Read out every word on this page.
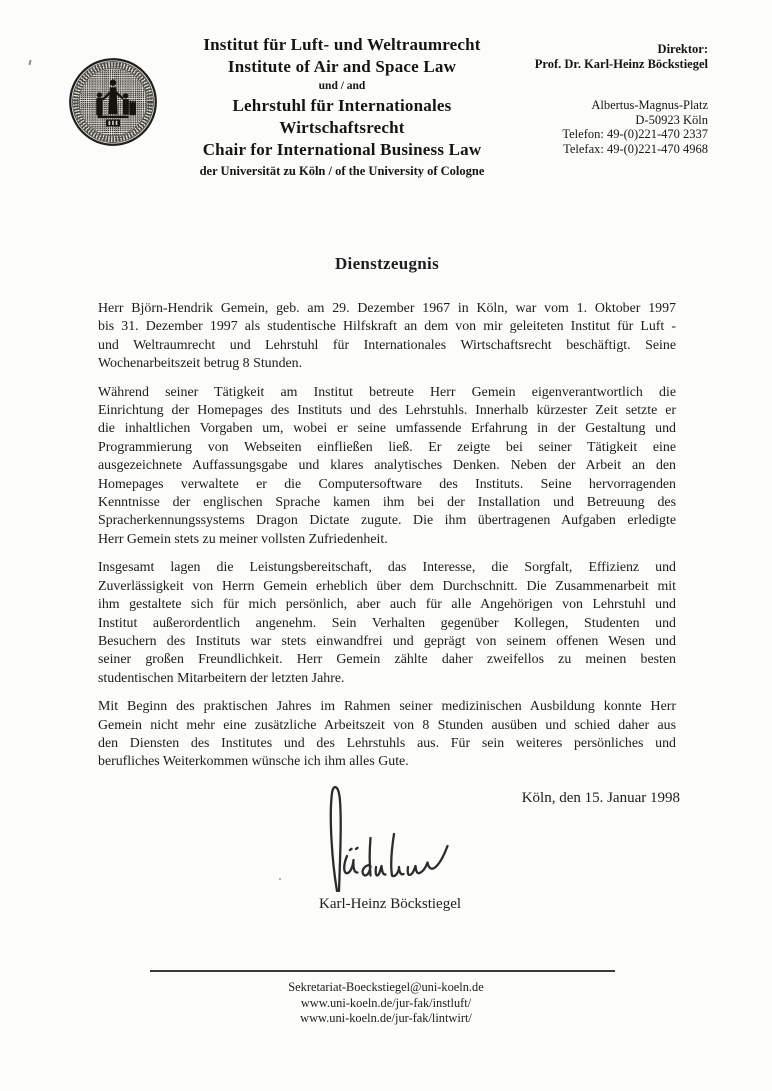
Institut für Luft- und Weltraumrecht
Institute of Air and Space Law
und / and
Lehrstuhl für Internationales
Wirtschaftsrecht
Chair for International Business Law
der Universität zu Köln / of the University of Cologne
Direktor:
Prof. Dr. Karl-Heinz Böckstiegel
Albertus-Magnus-Platz
D-50923 Köln
Telefon: 49-(0)221-470 2337
Telefax: 49-(0)221-470 4968
Dienstzeugnis
Herr Björn-Hendrik Gemein, geb. am 29. Dezember 1967 in Köln, war vom 1. Oktober 1997
bis 31. Dezember 1997 als studentische Hilfskraft an dem von mir geleiteten Institut für Luft -
und Weltraumrecht und Lehrstuhl für Internationales Wirtschaftsrecht beschäftigt. Seine
Wochenarbeitszeit betrug 8 Stunden.
Während seiner Tätigkeit am Institut betreute Herr Gemein eigenverantwortlich die
Einrichtung der Homepages des Instituts und des Lehrstuhls. Innerhalb kürzester Zeit setzte er
die inhaltlichen Vorgaben um, wobei er seine umfassende Erfahrung in der Gestaltung und
Programmierung von Webseiten einfließen ließ. Er zeigte bei seiner Tätigkeit eine
ausgezeichnete Auffassungsgabe und klares analytisches Denken. Neben der Arbeit an den
Homepages verwaltete er die Computersoftware des Instituts. Seine hervorragenden
Kenntnisse der englischen Sprache kamen ihm bei der Installation und Betreuung des
Spracherkennungssystems Dragon Dictate zugute. Die ihm übertragenen Aufgaben erledigte
Herr Gemein stets zu meiner vollsten Zufriedenheit.
Insgesamt lagen die Leistungsbereitschaft, das Interesse, die Sorgfalt, Effizienz und
Zuverlässigkeit von Herrn Gemein erheblich über dem Durchschnitt. Die Zusammenarbeit mit
ihm gestaltete sich für mich persönlich, aber auch für alle Angehörigen von Lehrstuhl und
Institut außerordentlich angenehm. Sein Verhalten gegenüber Kollegen, Studenten und
Besuchern des Instituts war stets einwandfrei und geprägt von seinem offenen Wesen und
seiner großen Freundlichkeit. Herr Gemein zählte daher zweifellos zu meinen besten
studentischen Mitarbeitern der letzten Jahre.
Mit Beginn des praktischen Jahres im Rahmen seiner medizinischen Ausbildung konnte Herr
Gemein nicht mehr eine zusätzliche Arbeitszeit von 8 Stunden ausüben und schied daher aus
den Diensten des Institutes und des Lehrstuhls aus. Für sein weiteres persönliches und
berufliches Weiterkommen wünsche ich ihm alles Gute.
Köln, den 15. Januar 1998
Karl-Heinz Böckstiegel
Sekretariat-Boeckstiegel@uni-koeln.de
www.uni-koeln.de/jur-fak/instluft/
www.uni-koeln.de/jur-fak/lintwirt/
